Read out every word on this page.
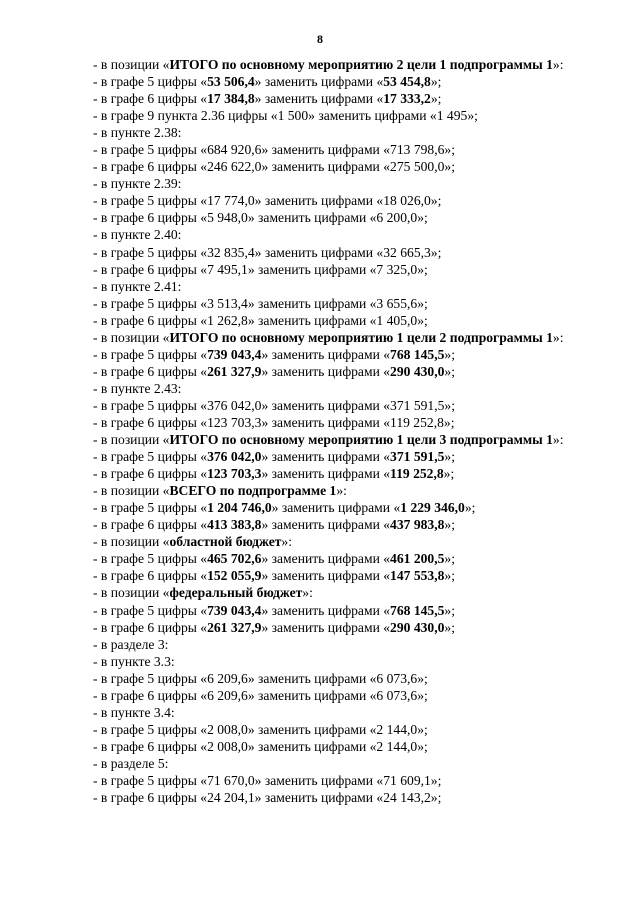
8
- в позиции «ИТОГО по основному мероприятию 2 цели 1 подпрограммы 1»:
- в графе 5 цифры «53 506,4» заменить цифрами «53 454,8»;
- в графе 6 цифры «17 384,8» заменить цифрами «17 333,2»;
- в графе 9 пункта 2.36 цифры «1 500» заменить цифрами «1 495»;
- в пункте 2.38:
- в графе 5 цифры «684 920,6» заменить цифрами «713 798,6»;
- в графе 6 цифры «246 622,0» заменить цифрами «275 500,0»;
- в пункте 2.39:
- в графе 5 цифры «17 774,0» заменить цифрами «18 026,0»;
- в графе 6 цифры «5 948,0» заменить цифрами «6 200,0»;
- в пункте 2.40:
- в графе 5 цифры «32 835,4» заменить цифрами «32 665,3»;
- в графе 6 цифры «7 495,1» заменить цифрами «7 325,0»;
- в пункте 2.41:
- в графе 5 цифры «3 513,4» заменить цифрами «3 655,6»;
- в графе 6 цифры «1 262,8» заменить цифрами «1 405,0»;
- в позиции «ИТОГО по основному мероприятию 1 цели 2 подпрограммы 1»:
- в графе 5 цифры «739 043,4» заменить цифрами «768 145,5»;
- в графе 6 цифры «261 327,9» заменить цифрами «290 430,0»;
- в пункте 2.43:
- в графе 5 цифры «376 042,0» заменить цифрами «371 591,5»;
- в графе 6 цифры «123 703,3» заменить цифрами «119 252,8»;
- в позиции «ИТОГО по основному мероприятию 1 цели 3 подпрограммы 1»:
- в графе 5 цифры «376 042,0» заменить цифрами «371 591,5»;
- в графе 6 цифры «123 703,3» заменить цифрами «119 252,8»;
- в позиции «ВСЕГО по подпрограмме 1»:
- в графе 5 цифры «1 204 746,0» заменить цифрами «1 229 346,0»;
- в графе 6 цифры «413 383,8» заменить цифрами «437 983,8»;
- в позиции «областной бюджет»:
- в графе 5 цифры «465 702,6» заменить цифрами «461 200,5»;
- в графе 6 цифры «152 055,9» заменить цифрами «147 553,8»;
- в позиции «федеральный бюджет»:
- в графе 5 цифры «739 043,4» заменить цифрами «768 145,5»;
- в графе 6 цифры «261 327,9» заменить цифрами «290 430,0»;
- в разделе 3:
- в пункте 3.3:
- в графе 5 цифры «6 209,6» заменить цифрами «6 073,6»;
- в графе 6 цифры «6 209,6» заменить цифрами «6 073,6»;
- в пункте 3.4:
- в графе 5 цифры «2 008,0» заменить цифрами «2 144,0»;
- в графе 6 цифры «2 008,0» заменить цифрами «2 144,0»;
- в разделе 5:
- в графе 5 цифры «71 670,0» заменить цифрами «71 609,1»;
- в графе 6 цифры «24 204,1» заменить цифрами «24 143,2»;
